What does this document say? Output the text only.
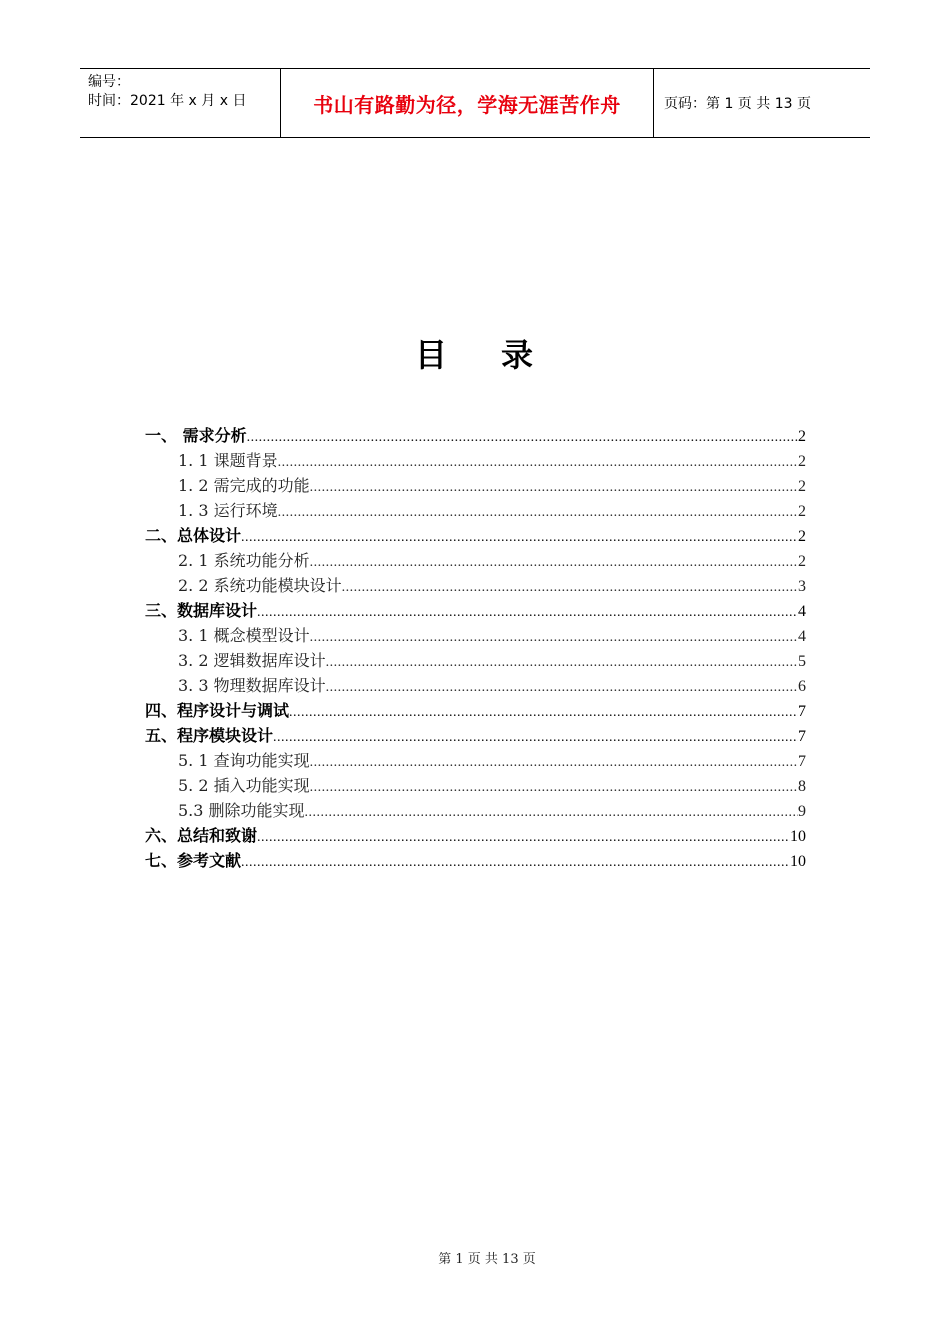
编号：
时间：2021 年 x 月 x 日	书山有路勤为径，学海无涯苦作舟	页码：第 1 页 共 13 页
目 录
一、 需求分析 .....	2
1. 1 课题背景 .....	2
1. 2 需完成的功能 .....	2
1. 3 运行环境 .....	2
二、总体设计 .....	2
2. 1 系统功能分析 .....	2
2. 2 系统功能模块设计 .....	3
三、数据库设计 .....	4
3. 1 概念模型设计 .....	4
3. 2 逻辑数据库设计 .....	5
3. 3 物理数据库设计 .....	6
四、程序设计与调试 .....	7
五、程序模块设计 .....	7
5. 1 查询功能实现 .....	7
5. 2 插入功能实现 .....	8
5.3 删除功能实现 .....	9
六、总结和致谢 .....	10
七、参考文献 .....	10
第 1 页 共 13 页
